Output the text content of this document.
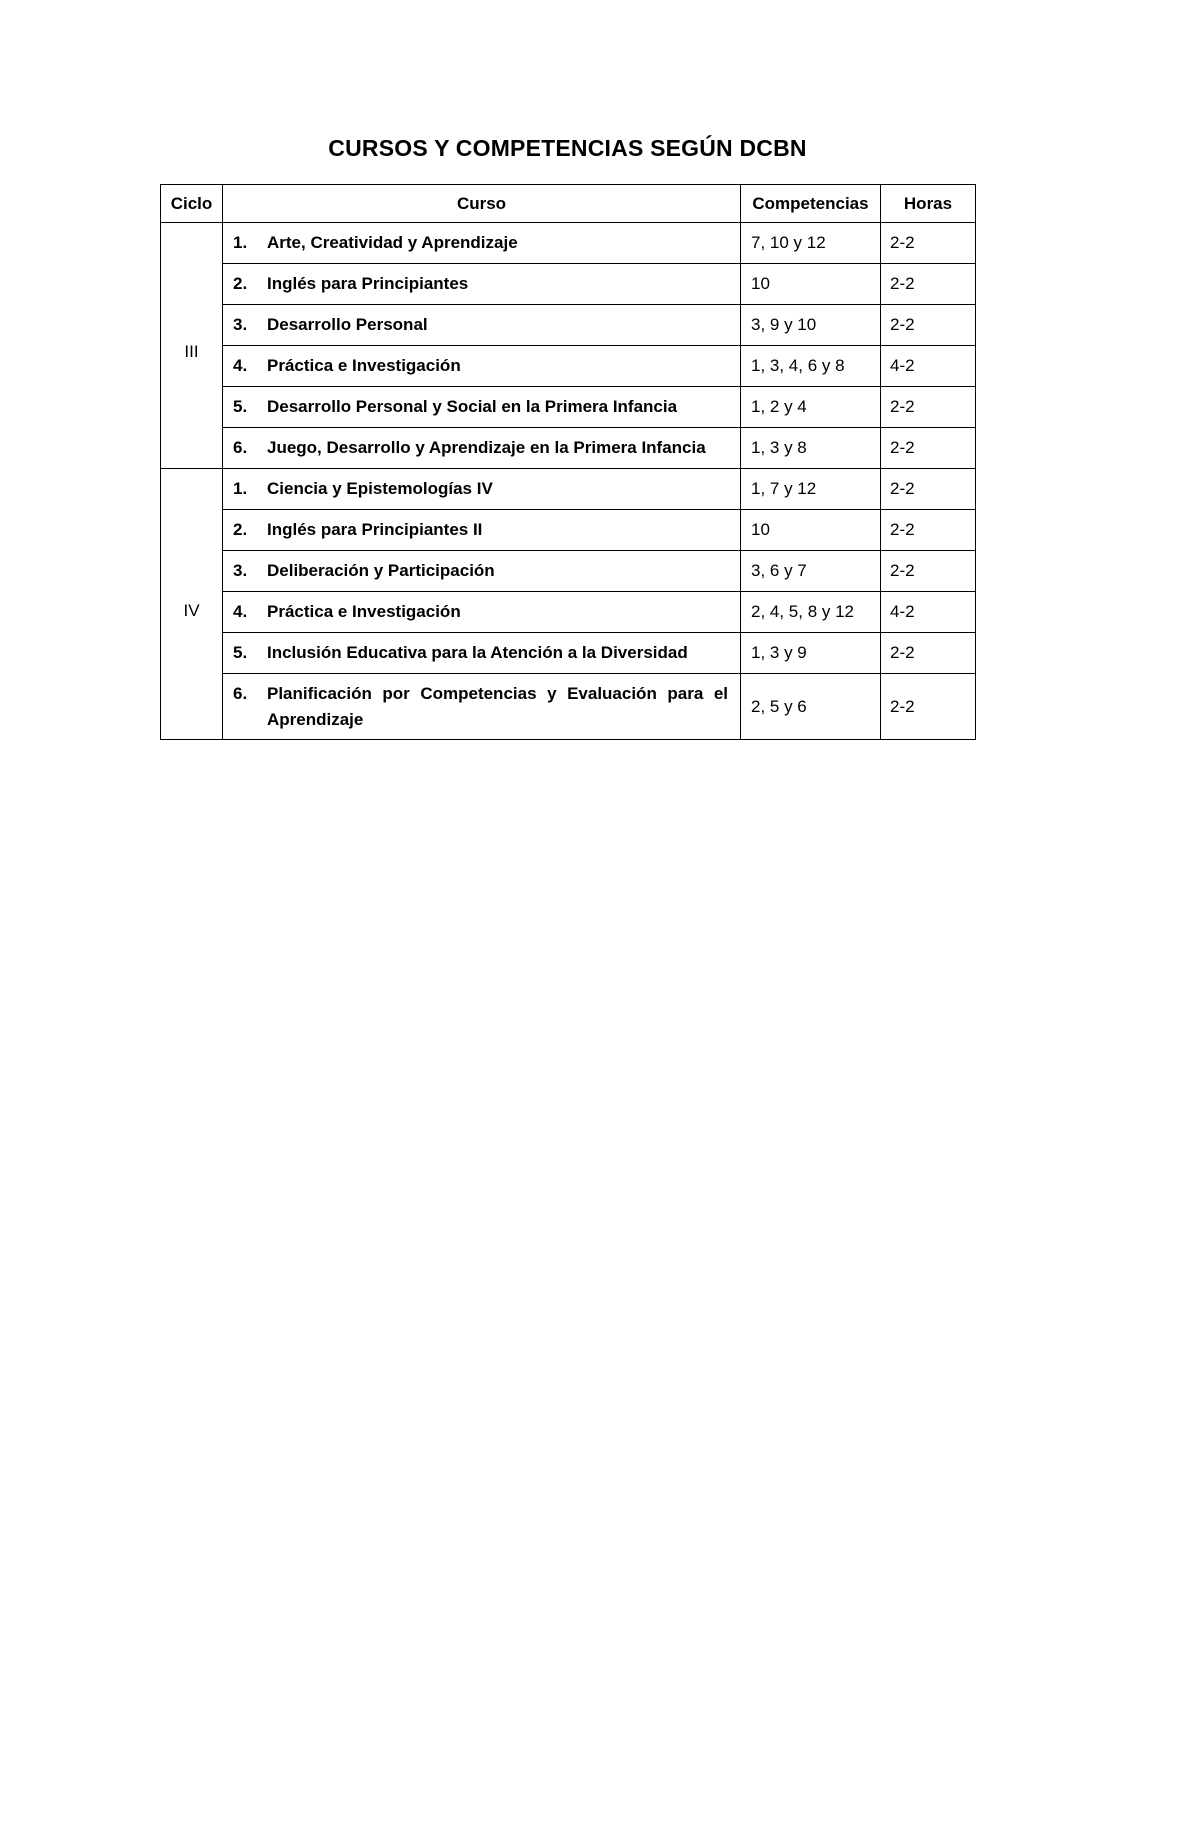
CURSOS Y COMPETENCIAS SEGÚN DCBN
Ciclo	Curso	Competencias	Horas
III	1. Arte, Creatividad y Aprendizaje	7, 10 y 12	2-2

	2. Inglés para Principiantes	10	2-2

	3. Desarrollo Personal	3, 9 y 10	2-2

	4. Práctica e Investigación	1, 3, 4, 6 y 8	4-2

	5. Desarrollo Personal y Social en la Primera Infancia	1, 2 y 4	2-2

	6. Juego, Desarrollo y Aprendizaje en la Primera Infancia	1, 3 y 8	2-2
IV	1. Ciencia y Epistemologías IV	1, 7 y 12	2-2

	2. Inglés para Principiantes II	10	2-2

	3. Deliberación y Participación	3, 6 y 7	2-2

	4. Práctica e Investigación	2, 4, 5, 8 y 12	4-2

	5. Inclusión Educativa para la Atención a la Diversidad	1, 3 y 9	2-2

	6. Planificación por Competencias y Evaluación para el Aprendizaje	2, 5 y 6	2-2
